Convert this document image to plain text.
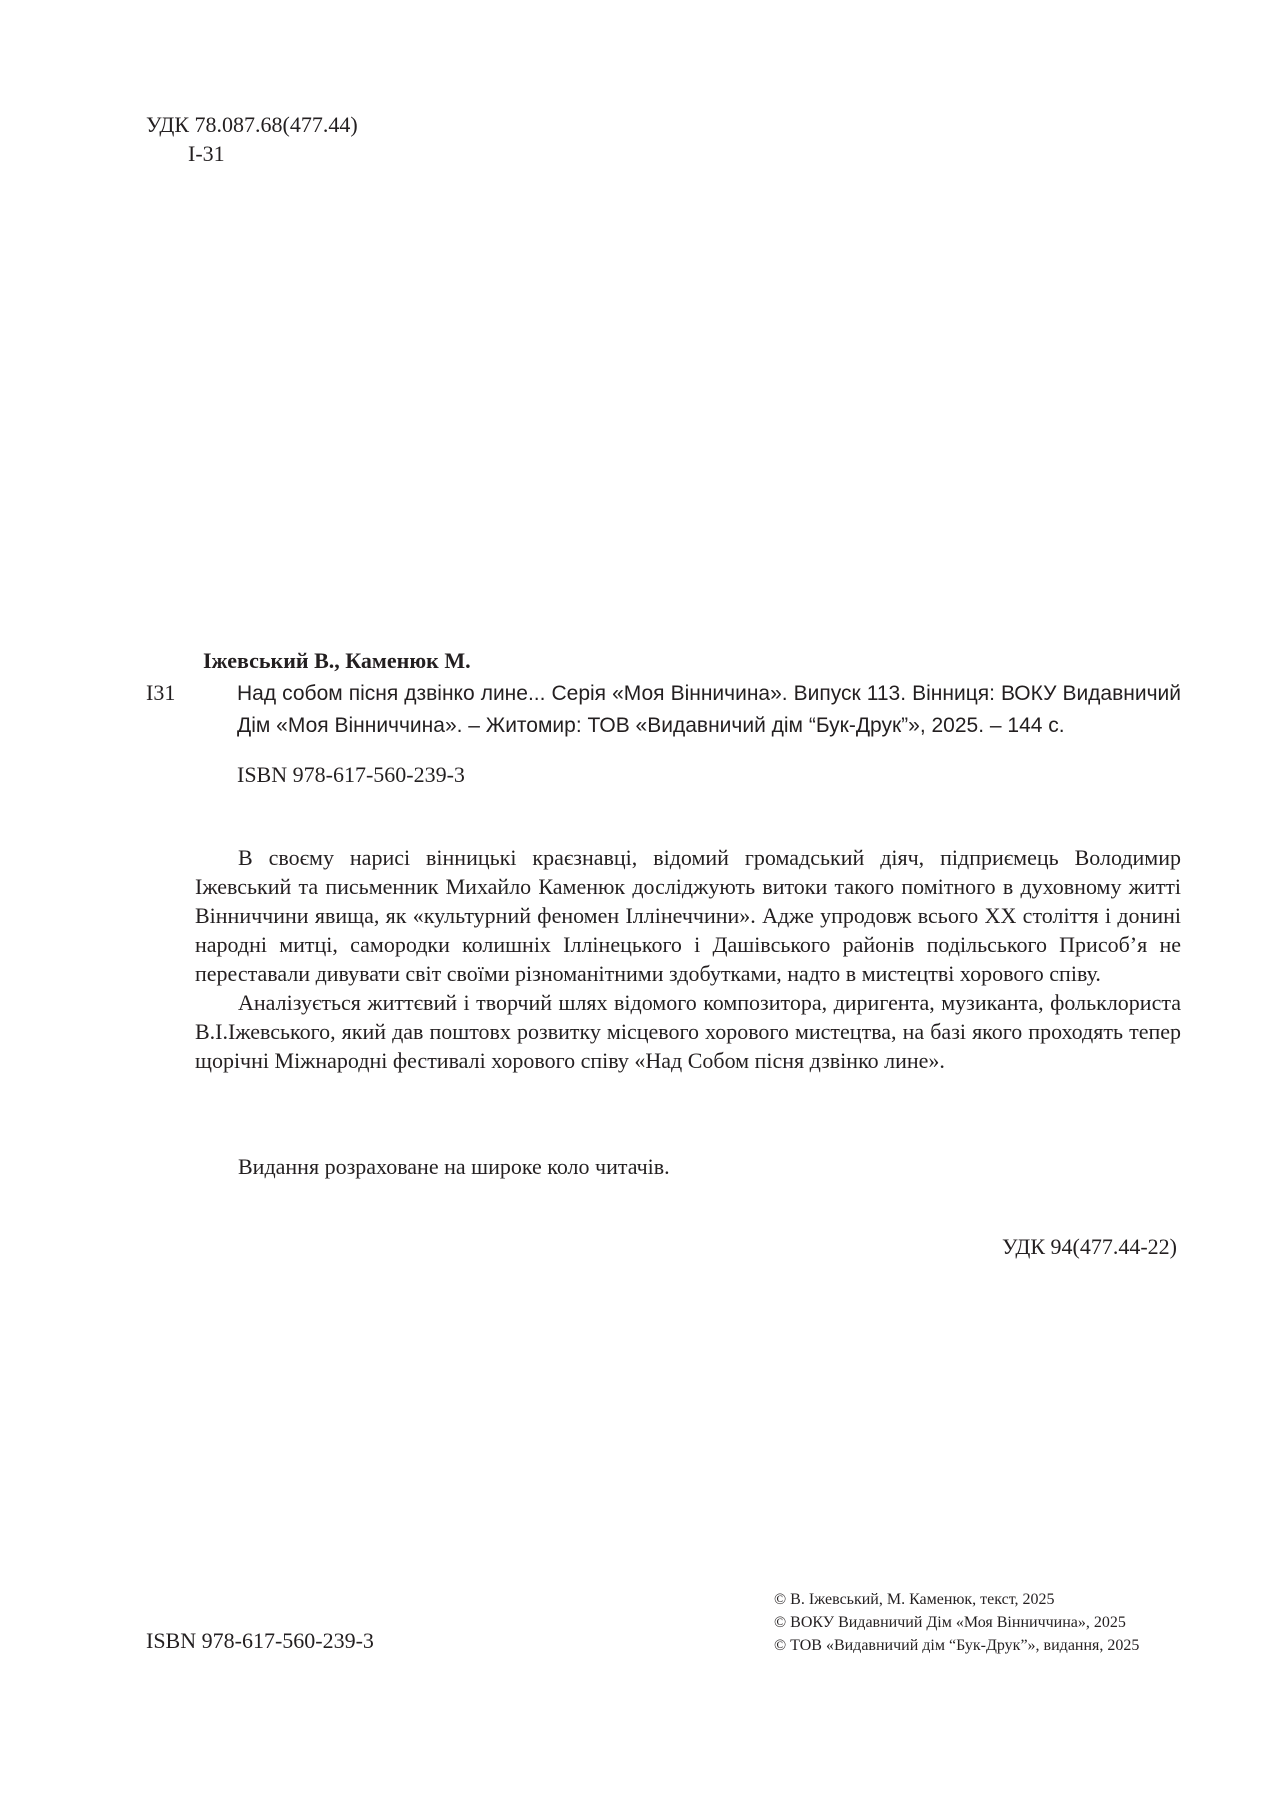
УДК 78.087.68(477.44)
І-31
Іжевський В., Каменюк М.
І31	Над собом пісня дзвінко лине... Серія «Моя Вінничина». Випуск 113. Вінниця: ВОКУ Видавничий Дім «Моя Вінниччина». – Житомир: ТОВ «Видавничий дім “Бук-Друк”», 2025. – 144 с.
ISBN 978-617-560-239-3

В своєму нарисі вінницькі краєзнавці, відомий громадський діяч, підприємець Володимир Іжевський та письменник Михайло Каменюк досліджують витоки такого помітного в духовному житті Вінниччини явища, як «культурний феномен Іллінеччини». Адже упродовж всього ХХ століття і донині народні митці, самородки колишніх Іллінецького і Дашівського районів подільського Присоб’я не переставали дивувати світ своїми різноманітними здобутками, надто в мистецтві хорового співу.

Аналізується життєвий і творчий шлях відомого композитора, диригента, музиканта, фольклориста В.І.Іжевського, який дав поштовх розвитку місцевого хорового мистецтва, на базі якого проходять тепер щорічні Міжнародні фестивалі хорового співу «Над Собом пісня дзвінко лине».

Видання розраховане на широке коло читачів.
УДК 94(477.44-22)
ISBN 978-617-560-239-3
© В. Іжевський, М. Каменюк, текст, 2025
© ВОКУ Видавничий Дім «Моя Вінниччина», 2025
© ТОВ «Видавничий дім “Бук-Друк”», видання, 2025
